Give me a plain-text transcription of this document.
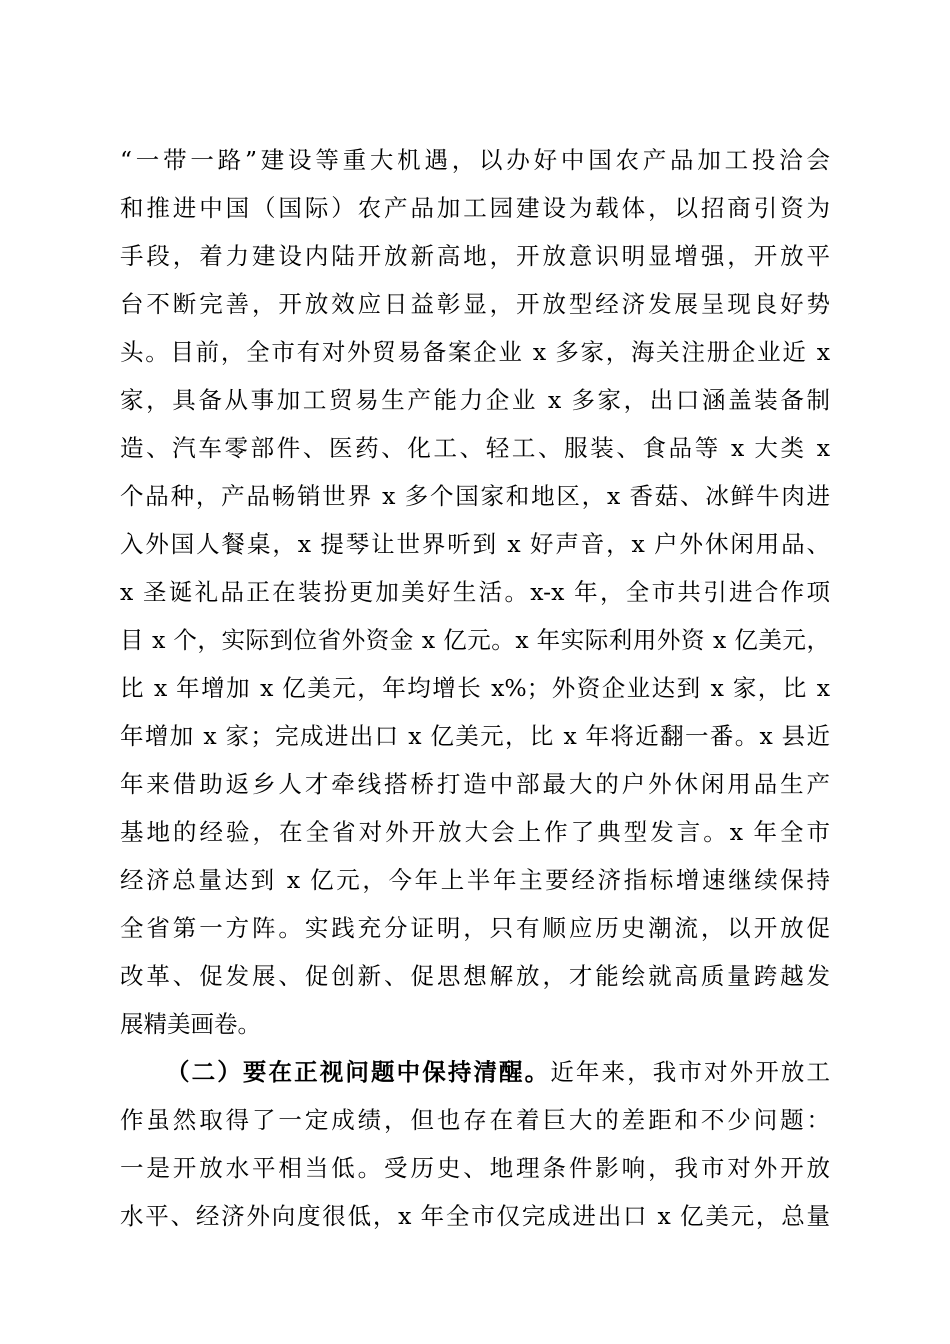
“一带一路”建设等重大机遇，以办好中国农产品加工投洽会
和推进中国（国际）农产品加工园建设为载体，以招商引资为
手段，着力建设内陆开放新高地，开放意识明显增强，开放平
台不断完善，开放效应日益彰显，开放型经济发展呈现良好势
头。目前，全市有对外贸易备案企业 x 多家，海关注册企业近 x
家，具备从事加工贸易生产能力企业 x 多家，出口涵盖装备制
造、汽车零部件、医药、化工、轻工、服装、食品等 x 大类 x
个品种，产品畅销世界 x 多个国家和地区，x 香菇、冰鲜牛肉进
入外国人餐桌，x 提琴让世界听到 x 好声音，x 户外休闲用品、
x 圣诞礼品正在装扮更加美好生活。x-x 年，全市共引进合作项
目 x 个，实际到位省外资金 x 亿元。x 年实际利用外资 x 亿美元，
比 x 年增加 x 亿美元，年均增长 x%；外资企业达到 x 家，比 x
年增加 x 家；完成进出口 x 亿美元，比 x 年将近翻一番。x 县近
年来借助返乡人才牵线搭桥打造中部最大的户外休闲用品生产
基地的经验，在全省对外开放大会上作了典型发言。x 年全市
经济总量达到 x 亿元，今年上半年主要经济指标增速继续保持
全省第一方阵。实践充分证明，只有顺应历史潮流，以开放促
改革、促发展、促创新、促思想解放，才能绘就高质量跨越发
展精美画卷。
（二）要在正视问题中保持清醒。近年来，我市对外开放工
作虽然取得了一定成绩，但也存在着巨大的差距和不少问题：
一是开放水平相当低。受历史、地理条件影响，我市对外开放
水平、经济外向度很低，x 年全市仅完成进出口 x 亿美元，总量
